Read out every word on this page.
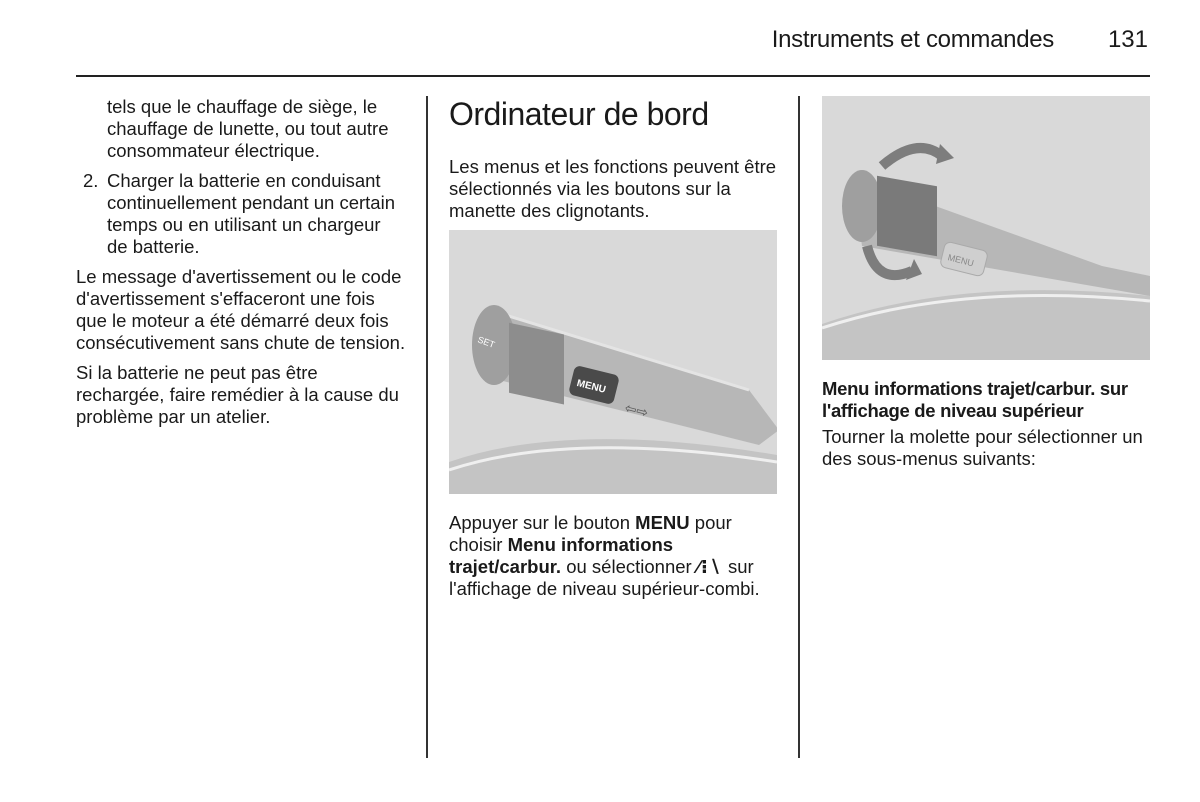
Instruments et commandes 131

tels que le chauffage de siège, le chauffage de lunette, ou tout autre consommateur électrique.

2. Charger la batterie en conduisant continuellement pendant un certain temps ou en utilisant un chargeur de batterie.

Le message d'avertissement ou le code d'avertissement s'effaceront une fois que le moteur a été démarré deux fois consécutivement sans chute de tension.

Si la batterie ne peut pas être rechargée, faire remédier à la cause du problème par un atelier.

Ordinateur de bord

Les menus et les fonctions peuvent être sélectionnés via les boutons sur la manette des clignotants.

SET
MENU
⇦⇨

Appuyer sur le bouton MENU pour choisir Menu informations trajet/carbur. ou sélectionner ∕⁝∖ sur l'affichage de niveau supérieur-combi.

MENU

Menu informations trajet/carbur. sur l'affichage de niveau supérieur

Tourner la molette pour sélectionner un des sous-menus suivants:
